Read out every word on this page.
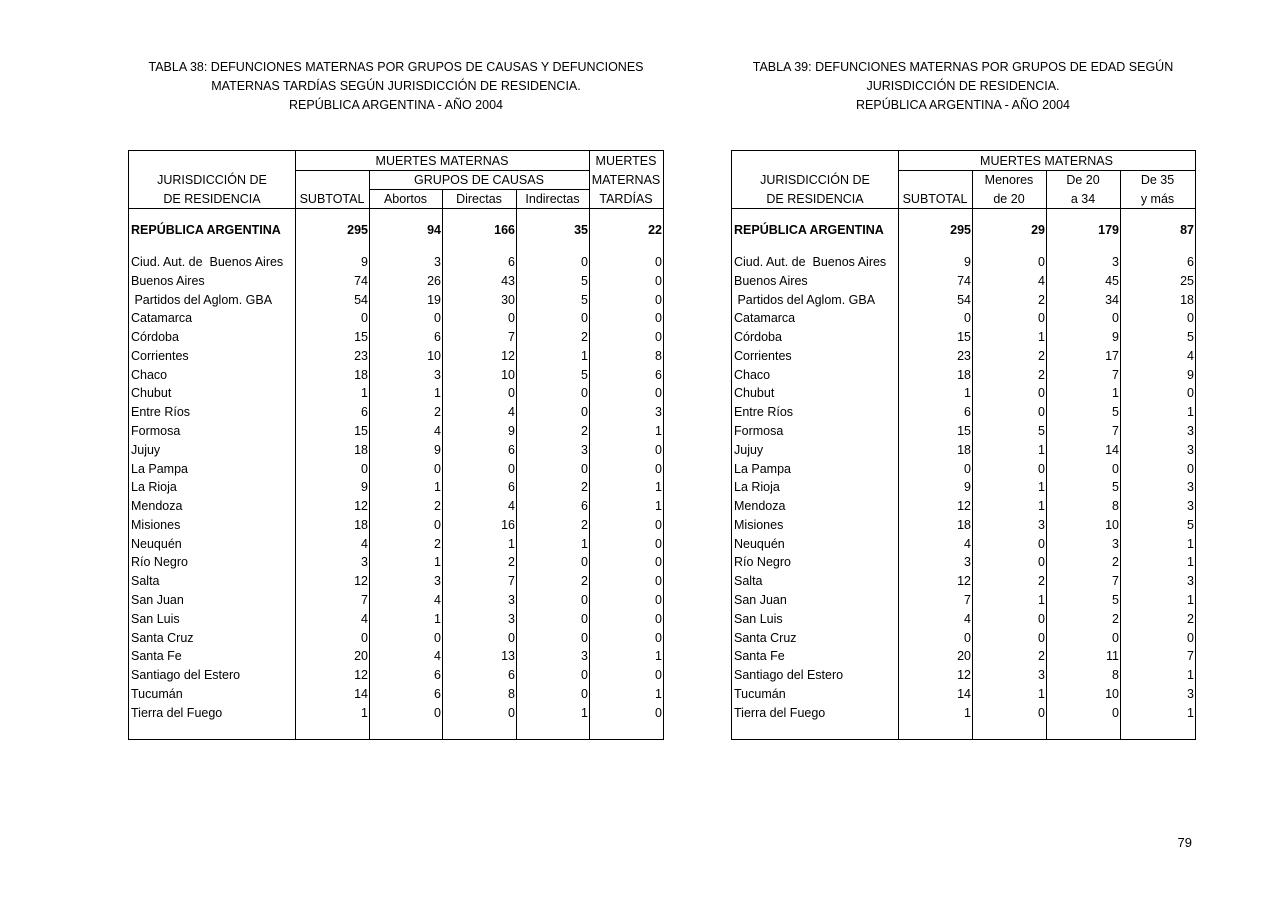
TABLA 38: DEFUNCIONES MATERNAS POR GRUPOS DE CAUSAS Y DEFUNCIONES
MATERNAS TARDÍAS SEGÚN JURISDICCIÓN DE RESIDENCIA.
REPÚBLICA ARGENTINA - AÑO 2004
TABLA 39: DEFUNCIONES MATERNAS POR GRUPOS DE EDAD SEGÚN
JURISDICCIÓN DE RESIDENCIA.
REPÚBLICA ARGENTINA - AÑO 2004
JURISDICCIÓN DE
DE RESIDENCIA
MUERTES MATERNAS
GRUPOS DE CAUSAS
SUBTOTAL	Abortos	Directas	Indirectas
MUERTES
MATERNAS
TARDÍAS
REPÚBLICA ARGENTINA	295	94	166	35	22
Ciud. Aut. de  Buenos Aires	9	3	6	0	0
Buenos Aires	74	26	43	5	0
Partidos del Aglom. GBA	54	19	30	5	0
Catamarca	0	0	0	0	0
Córdoba	15	6	7	2	0
Corrientes	23	10	12	1	8
Chaco	18	3	10	5	6
Chubut	1	1	0	0	0
Entre Ríos	6	2	4	0	3
Formosa	15	4	9	2	1
Jujuy	18	9	6	3	0
La Pampa	0	0	0	0	0
La Rioja	9	1	6	2	1
Mendoza	12	2	4	6	1
Misiones	18	0	16	2	0
Neuquén	4	2	1	1	0
Río Negro	3	1	2	0	0
Salta	12	3	7	2	0
San Juan	7	4	3	0	0
San Luis	4	1	3	0	0
Santa Cruz	0	0	0	0	0
Santa Fe	20	4	13	3	1
Santiago del Estero	12	6	6	0	0
Tucumán	14	6	8	0	1
Tierra del Fuego	1	0	0	1	0
JURISDICCIÓN DE
DE RESIDENCIA
MUERTES MATERNAS
SUBTOTAL
Menores
de 20
De 20
a 34
De 35
y más
REPÚBLICA ARGENTINA	295	29	179	87
Ciud. Aut. de  Buenos Aires	9	0	3	6
Buenos Aires	74	4	45	25
Partidos del Aglom. GBA	54	2	34	18
Catamarca	0	0	0	0
Córdoba	15	1	9	5
Corrientes	23	2	17	4
Chaco	18	2	7	9
Chubut	1	0	1	0
Entre Ríos	6	0	5	1
Formosa	15	5	7	3
Jujuy	18	1	14	3
La Pampa	0	0	0	0
La Rioja	9	1	5	3
Mendoza	12	1	8	3
Misiones	18	3	10	5
Neuquén	4	0	3	1
Río Negro	3	0	2	1
Salta	12	2	7	3
San Juan	7	1	5	1
San Luis	4	0	2	2
Santa Cruz	0	0	0	0
Santa Fe	20	2	11	7
Santiago del Estero	12	3	8	1
Tucumán	14	1	10	3
Tierra del Fuego	1	0	0	1
79
